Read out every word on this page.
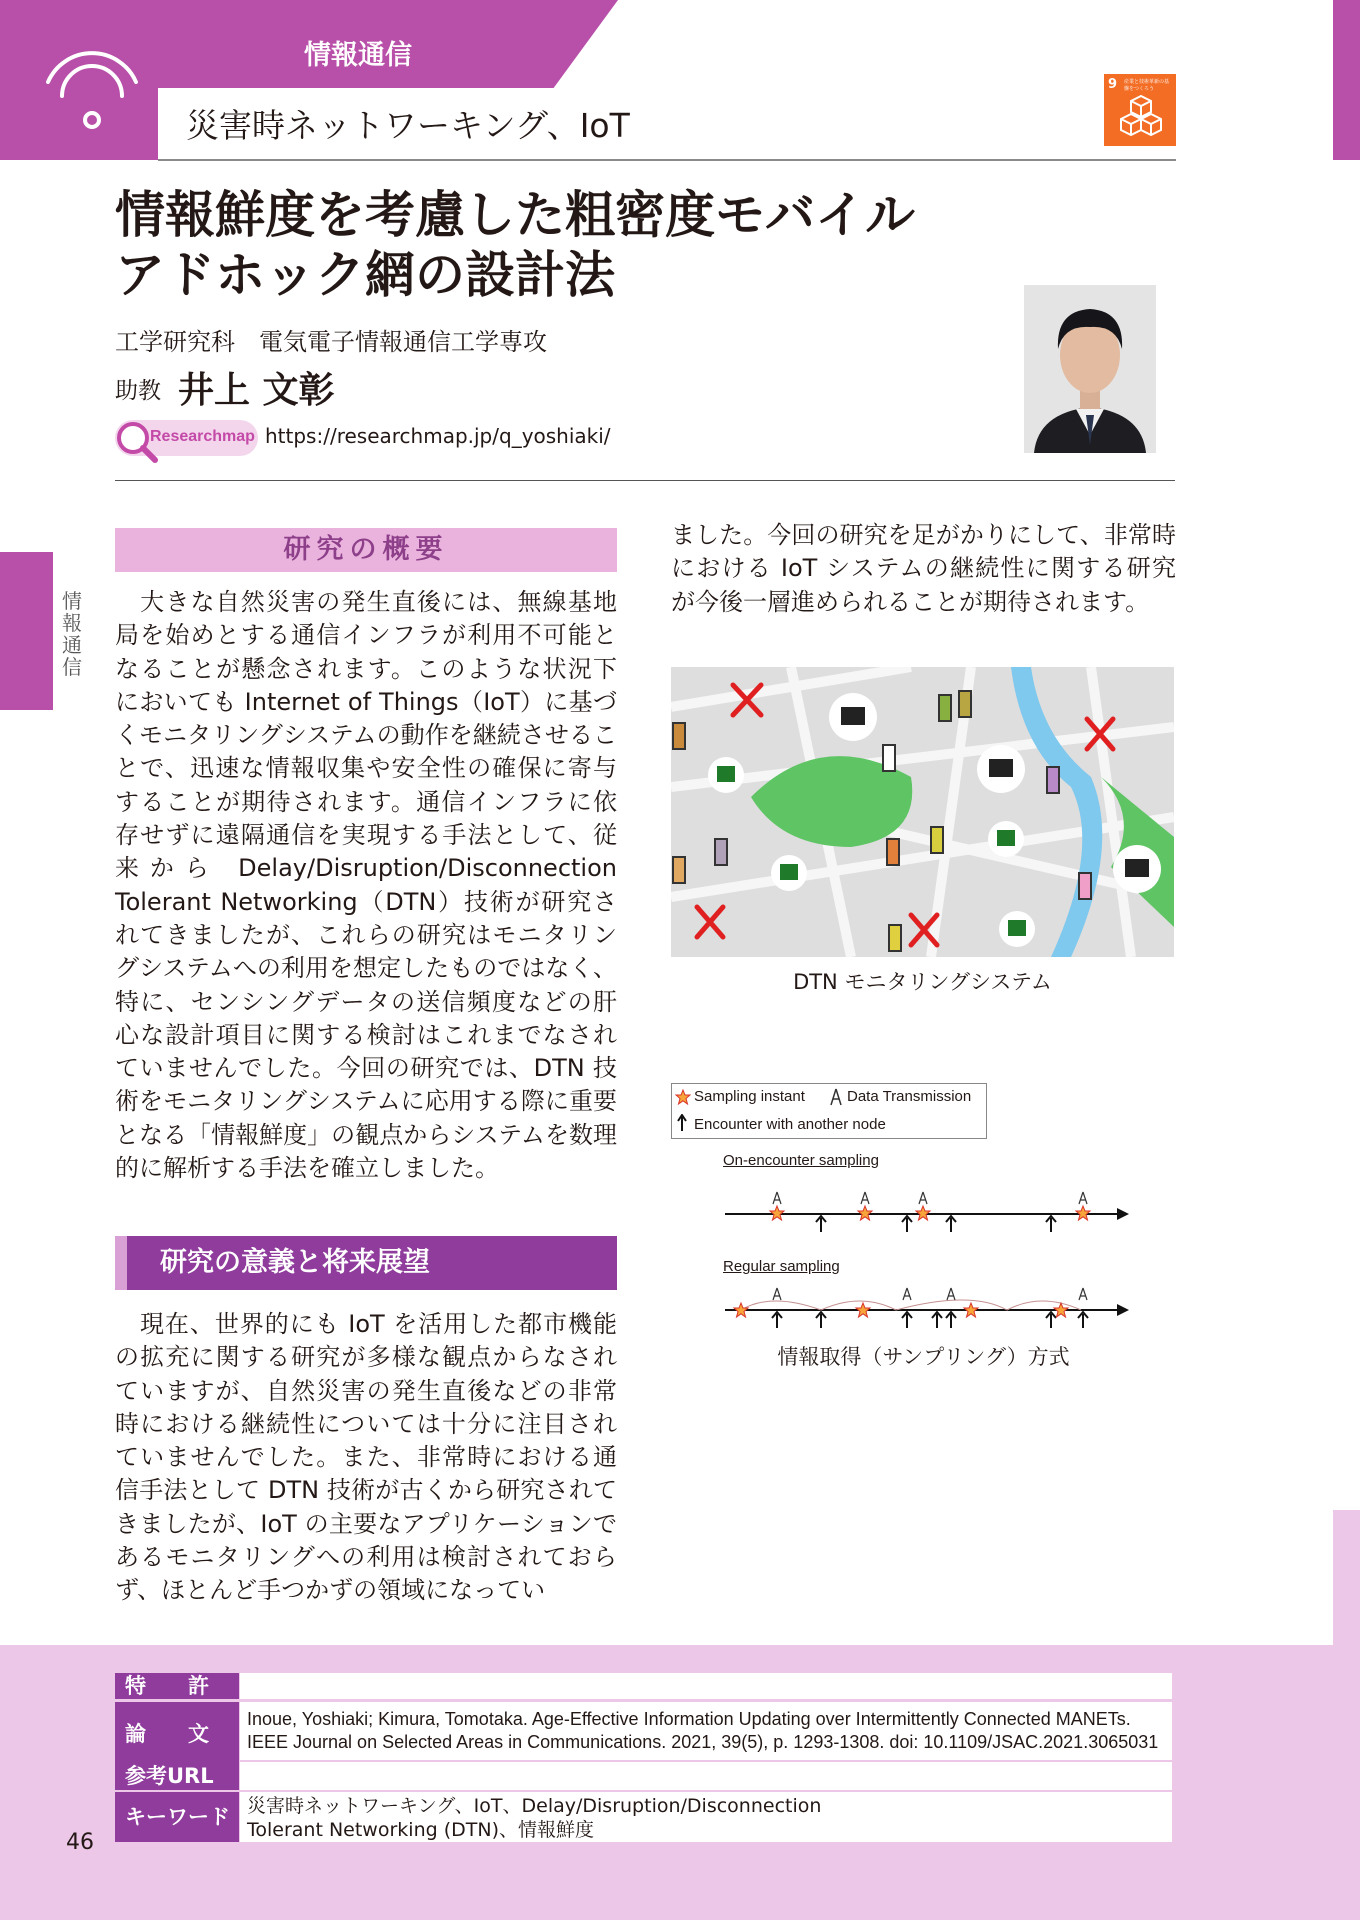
情報通信
災害時ネットワーキング、IoT
9 産業と技術革新の基盤をつくろう
情報鮮度を考慮した粗密度モバイル
アドホック網の設計法
工学研究科　電気電子情報通信工学専攻
助教 井上 文彰
Researchmap https://researchmap.jp/q_yoshiaki/
情報通信
研究の概要
　大きな自然災害の発生直後には、無線基地局を始めとする通信インフラが利用不可能となることが懸念されます。このような状況下においても Internet of Things（IoT）に基づくモニタリングシステムの動作を継続させることで、迅速な情報収集や安全性の確保に寄与することが期待されます。通信インフラに依存せずに遠隔通信を実現する手法として、従来から Delay/Disruption/Disconnection Tolerant Networking（DTN）技術が研究されてきましたが、これらの研究はモニタリングシステムへの利用を想定したものではなく、特に、センシングデータの送信頻度などの肝心な設計項目に関する検討はこれまでなされていませんでした。今回の研究では、DTN 技術をモニタリングシステムに応用する際に重要となる「情報鮮度」の観点からシステムを数理的に解析する手法を確立しました。
研究の意義と将来展望
　現在、世界的にも IoT を活用した都市機能の拡充に関する研究が多様な観点からなされていますが、自然災害の発生直後などの非常時における継続性については十分に注目されていませんでした。また、非常時における通信手法として DTN 技術が古くから研究されてきましたが、IoT の主要なアプリケーションであるモニタリングへの利用は検討されておらず、ほとんど手つかずの領域になってい
ました。今回の研究を足がかりにして、非常時における IoT システムの継続性に関する研究が今後一層進められることが期待されます。
DTN モニタリングシステム
Sampling instant	Data Transmission
Encounter with another node
On-encounter sampling
Regular sampling
情報取得（サンプリング）方式
特　　許
論　　文
Inoue, Yoshiaki; Kimura, Tomotaka. Age-Effective Information Updating over Intermittently Connected MANETs.
IEEE Journal on Selected Areas in Communications. 2021, 39(5), p. 1293-1308. doi: 10.1109/JSAC.2021.3065031
参考URL
キーワード 災害時ネットワーキング、IoT、Delay/Disruption/Disconnection
Tolerant Networking (DTN)、情報鮮度
46
